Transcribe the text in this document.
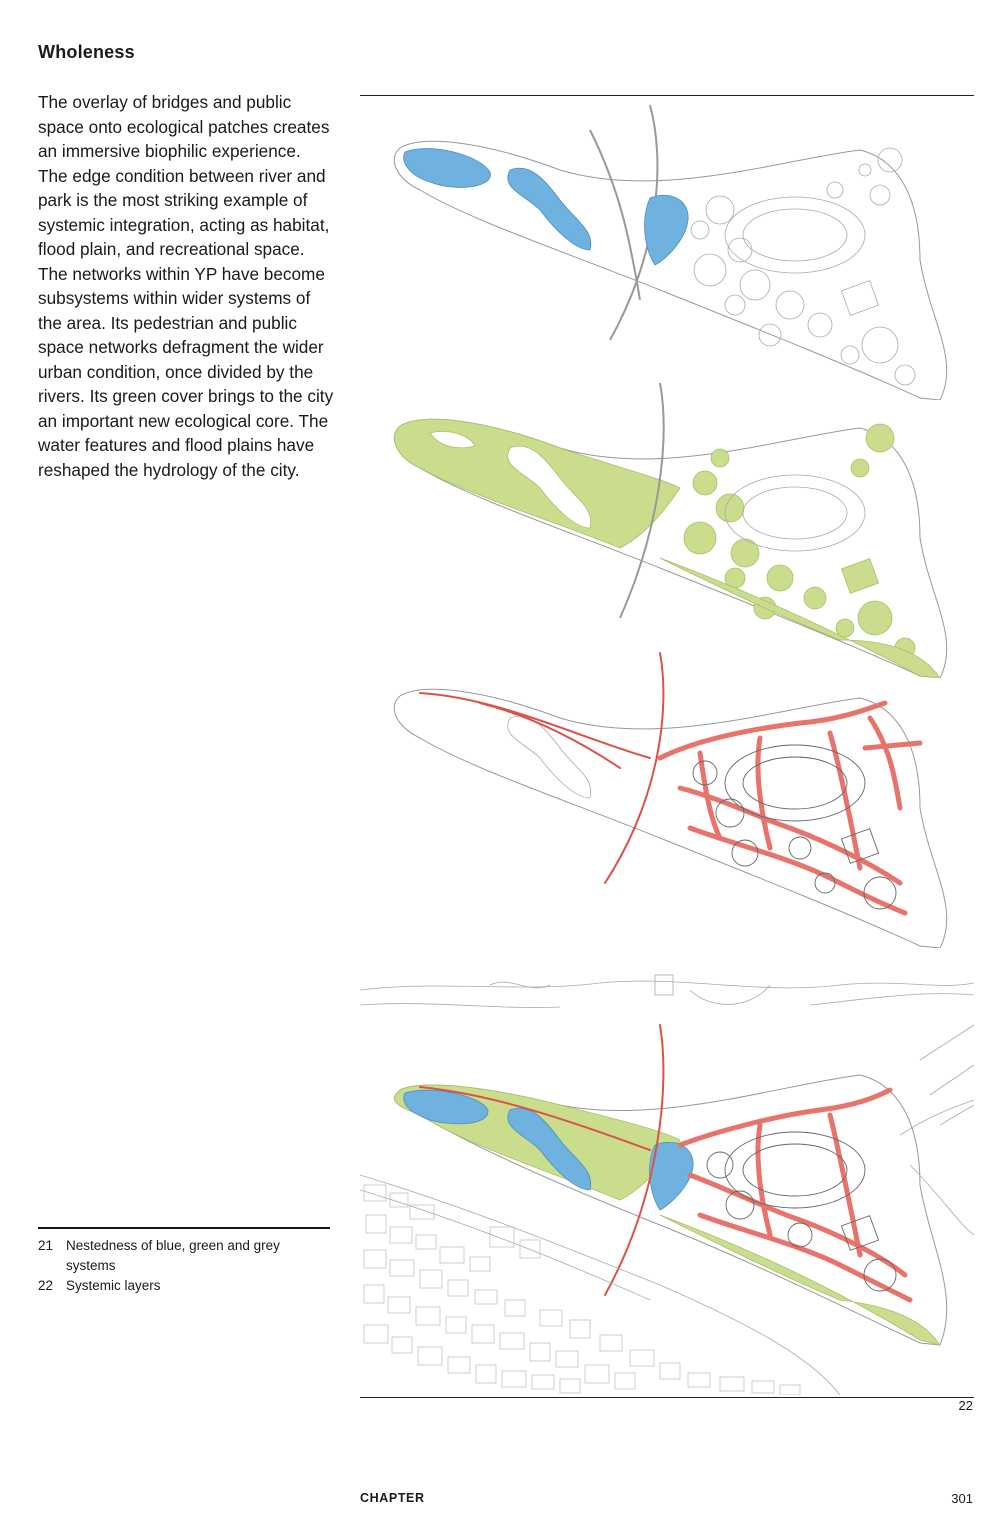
Wholeness

The overlay of bridges and public space onto ecological patches creates an immersive biophilic experience. The edge condition between river and park is the most striking example of systemic integration, acting as habitat, flood plain, and recreational space. The networks within YP have become subsystems within wider systems of the area. Its pedestrian and public space networks defragment the wider urban condition, once divided by the rivers. Its green cover brings to the city an important new ecological core. The water features and flood plains have reshaped the hydrology of the city.

22
21 Nestedness of blue, green and grey systems
22 Systemic layers
CHAPTER	301
